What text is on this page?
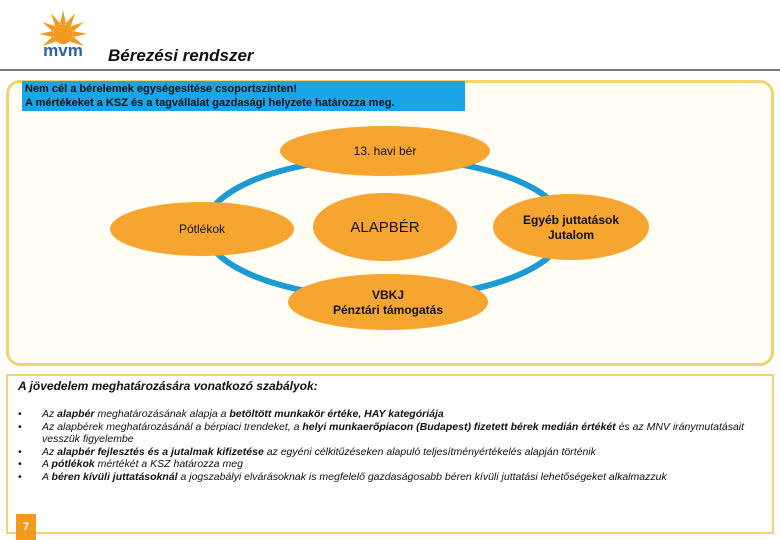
mvm Bérezési rendszer
Nem cél a bérelemek egységesítése csoportszinten!
A mértékeket a KSZ és a tagvállalat gazdasági helyzete határozza meg.
13. havi bér
Pótlékok	ALAPBÉR	Egyéb juttatások
Jutalom
VBKJ
Pénztári támogatás
A jövedelem meghatározására vonatkozó szabályok:
• Az alapbér meghatározásának alapja a betöltött munkakör értéke, HAY kategóriája
• Az alapbérek meghatározásánál a bérpiaci trendeket, a helyi munkaerőpiacon (Budapest) fizetett bérek medián értékét és az MNV iránymutatásait vesszük figyelembe
• Az alapbér fejlesztés és a jutalmak kifizetése az egyéni célkitűzéseken alapuló teljesítményértékelés alapján történik
• A pótlékok mértékét a KSZ határozza meg
• A béren kívüli juttatásoknál a jogszabályi elvárásoknak is megfelelő gazdaságosabb béren kívüli juttatási lehetőségeket alkalmazzuk
7
